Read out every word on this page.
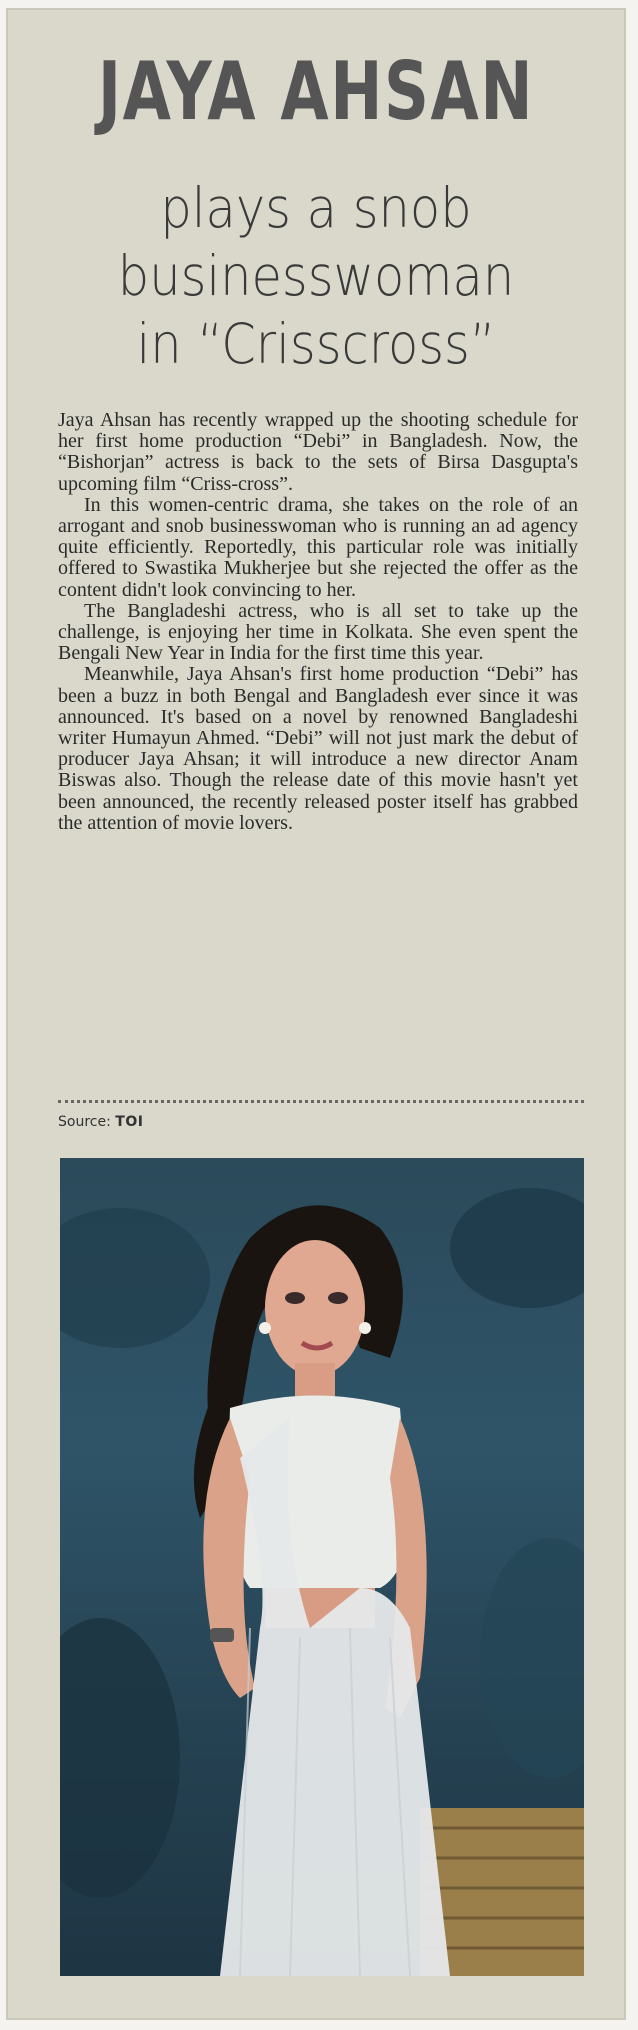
JAYA AHSAN
plays a snob
businesswoman
in “Crisscross”

Jaya Ahsan has recently wrapped up the shooting schedule for her first home production “Debi” in Bangladesh. Now, the “Bishorjan” actress is back to the sets of Birsa Dasgupta's upcoming film “Criss-cross”.

In this women-centric drama, she takes on the role of an arrogant and snob businesswoman who is running an ad agency quite efficiently. Reportedly, this particular role was initially offered to Swastika Mukherjee but she rejected the offer as the content didn't look convincing to her.

The Bangladeshi actress, who is all set to take up the challenge, is enjoying her time in Kolkata. She even spent the Bengali New Year in India for the first time this year.

Meanwhile, Jaya Ahsan's first home production “Debi” has been a buzz in both Bengal and Bangladesh ever since it was announced. It's based on a novel by renowned Bangladeshi writer Humayun Ahmed. “Debi” will not just mark the debut of producer Jaya Ahsan; it will introduce a new director Anam Biswas also. Though the release date of this movie hasn't yet been announced, the recently released poster itself has grabbed the attention of movie lovers.

Source: TOI
